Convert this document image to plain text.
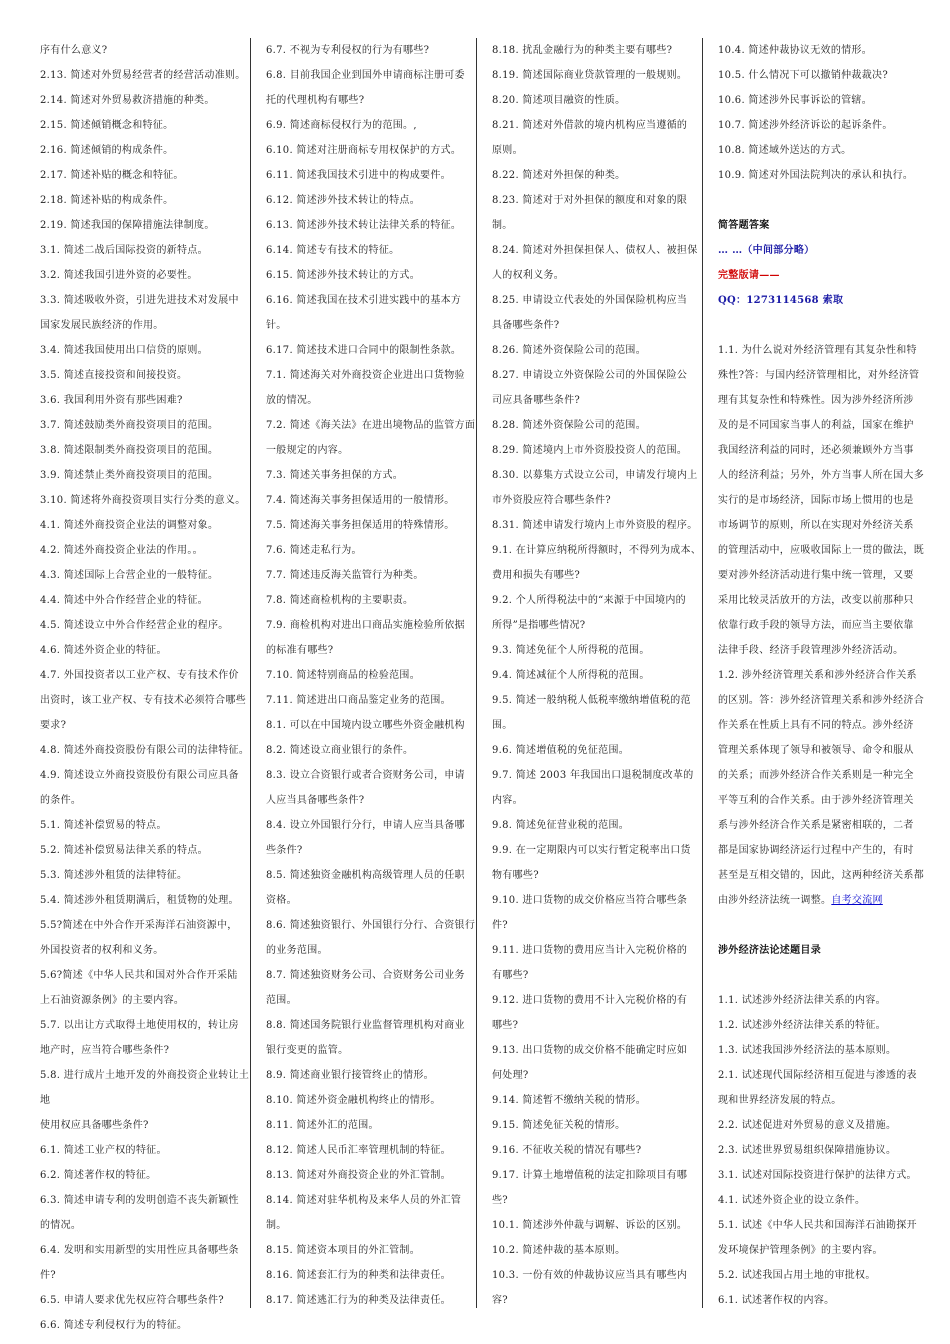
序有什么意义?

2.13. 简述对外贸易经营者的经营活动准则。

2.14. 简述对外贸易救济措施的种类。

2.15. 简述倾销概念和特征。

2.16. 简述倾销的构成条件。

2.17. 简述补贴的概念和特征。

2.18. 简述补贴的构成条件。

2.19. 简述我国的保障措施法律制度。

3.1. 简述二战后国际投资的新特点。

3.2. 简述我国引进外资的必要性。

3.3. 简述吸收外资，引进先进技术对发展中

国家发展民族经济的作用。

3.4. 简述我国使用出口信贷的原则。

3.5. 简述直接投资和间接投资。

3.6. 我国利用外资有那些困难?

3.7. 简述鼓励类外商投资项目的范围。

3.8. 简述限制类外商投资项目的范围。

3.9. 简述禁止类外商投资项目的范围。

3.10. 简述将外商投资项目实行分类的意义。

4.1. 简述外商投资企业法的调整对象。

4.2. 简述外商投资企业法的作用。。

4.3. 简述国际上合营企业的一般特征。

4.4. 简述中外合作经营企业的特征。

4.5. 简述设立中外合作经营企业的程序。

4.6. 简述外资企业的特征。

4.7. 外国投资者以工业产权、专有技术作价

出资时，该工业产权、专有技术必须符合哪些

要求?

4.8. 简述外商投资股份有限公司的法律特征。

4.9. 简述设立外商投资股份有限公司应具备

的条件。

5.1. 简述补偿贸易的特点。

5.2. 简述补偿贸易法律关系的特点。

5.3. 简述涉外租赁的法律特征。

5.4. 简述涉外租赁期满后，租赁物的处理。

5.5?简述在中外合作开采海洋石油资源中，

外国投资者的权利和义务。

5.6?简述《中华人民共和国对外合作开采陆

上石油资源条例》的主要内容。

5.7. 以出让方式取得土地使用权的，转让房

地产时，应当符合哪些条件?

5.8. 进行成片土地开发的外商投资企业转让土地

使用权应具备哪些条件?

6.1. 简述工业产权的特征。

6.2. 简述著作权的特征。

6.3. 简述申请专利的发明创造不丧失新颖性

的情况。

6.4. 发明和实用新型的实用性应具备哪些条

件?

6.5. 申请人要求优先权应符合哪些条件?

6.6. 简述专利侵权行为的特征。

6.7. 不视为专利侵权的行为有哪些?

6.8. 目前我国企业到国外申请商标注册可委

托的代理机构有哪些?

6.9. 简述商标侵权行为的范围。,

6.10. 简述对注册商标专用权保护的方式。

6.11. 简述我国技术引进中的构成要件。

6.12. 简述涉外技术转让的特点。

6.13. 简述涉外技术转让法律关系的特征。

6.14. 简述专有技术的特征。

6.15. 简述涉外技术转让的方式。

6.16. 简述我国在技术引进实践中的基本方

针。

6.17. 简述技术进口合同中的限制性条款。

7.1. 简述海关对外商投资企业进出口货物验

放的情况。

7.2. 简述《海关法》在进出境物品的监管方面

一般规定的内容。

7.3. 简述关事务担保的方式。

7.4. 简述海关事务担保适用的一般情形。

7.5. 简述海关事务担保适用的特殊情形。

7.6. 简述走私行为。

7.7. 简述违反海关监管行为种类。

7.8. 简述商检机构的主要职责。

7.9. 商检机构对进出口商品实施检验所依据

的标准有哪些?

7.10. 简述特别商品的检验范围。

7.11. 简述进出口商品鉴定业务的范围。

8.1. 可以在中国境内设立哪些外资金融机构

8.2. 简述设立商业银行的条件。

8.3. 设立合资银行或者合资财务公司，申请

人应当具备哪些条件?

8.4. 设立外国银行分行，申请人应当具备哪

些条件?

8.5. 简述独资金融机构高级管理人员的任职

资格。

8.6. 简述独资银行、外国银行分行、合资银行

的业务范围。

8.7. 简述独资财务公司、合资财务公司业务

范围。

8.8. 简述国务院银行业监督管理机构对商业

银行变更的监管。

8.9. 简述商业银行接管终止的情形。

8.10. 简述外资金融机构终止的情形。

8.11. 简述外汇的范围。

8.12. 简述人民币汇率管理机制的特征。

8.13. 简述对外商投资企业的外汇管制。

8.14. 简述对驻华机构及来华人员的外汇管

制。

8.15. 简述资本项目的外汇管制。

8.16. 简述套汇行为的种类和法律责任。

8.17. 简述逃汇行为的种类及法律责任。

8.18. 扰乱金融行为的种类主要有哪些?

8.19. 简述国际商业贷款管理的一般规则。

8.20. 简述项目融资的性质。

8.21. 简述对外借款的境内机构应当遵循的

原则。

8.22. 简述对外担保的种类。

8.23. 简述对于对外担保的额度和对象的限

制。

8.24. 简述对外担保担保人、债权人、被担保

人的权利义务。

8.25. 申请设立代表处的外国保险机构应当

具备哪些条件?

8.26. 简述外资保险公司的范围。

8.27. 申请设立外资保险公司的外国保险公

司应具备哪些条件?

8.28. 简述外资保险公司的范围。

8.29. 简述境内上市外资股投资人的范围。

8.30. 以募集方式设立公司，申请发行境内上

市外资股应符合哪些条件?

8.31. 简述申请发行境内上市外资股的程序。

9.1. 在计算应纳税所得额时，不得列为成本、

费用和损失有哪些?

9.2. 个人所得税法中的“来源于中国境内的

所得”是指哪些情况?

9.3. 简述免征个人所得税的范围。

9.4. 简述减征个人所得税的范围。

9.5. 简述一般纳税人低税率缴纳增值税的范

围。

9.6. 简述增值税的免征范围。

9.7. 简述 2003 年我国出口退税制度改革的

内容。

9.8. 简述免征营业税的范围。

9.9. 在一定期限内可以实行暂定税率出口货

物有哪些?

9.10. 进口货物的成交价格应当符合哪些条

件?

9.11. 进口货物的费用应当计入完税价格的

有哪些?

9.12. 进口货物的费用不计入完税价格的有

哪些?

9.13. 出口货物的成交价格不能确定时应如

何处理?

9.14. 简述暂不缴纳关税的情形。

9.15. 简述免征关税的情形。

9.16. 不征收关税的情况有哪些?

9.17. 计算土地增值税的法定扣除项目有哪

些?

10.1. 简述涉外仲裁与调解、诉讼的区别。

10.2. 简述仲裁的基本原则。

10.3. 一份有效的仲裁协议应当具有哪些内

容?

10.4. 简述仲裁协议无效的情形。

10.5. 什么情况下可以撤销仲裁裁决?

10.6. 简述涉外民事诉讼的管辖。

10.7. 简述涉外经济诉讼的起诉条件。

10.8. 简述域外送达的方式。

10.9. 简述对外国法院判决的承认和执行。

简答题答案

… …（中间部分略）

完整版请——

QQ：1273114568 索取

1.1. 为什么说对外经济管理有其复杂性和特

殊性?答：与国内经济管理相比，对外经济管

理有其复杂性和特殊性。因为涉外经济所涉

及的是不同国家当事人的利益，国家在维护

我国经济利益的同时，还必须兼顾外方当事

人的经济利益；另外，外方当事人所在国大多

实行的是市场经济，国际市场上惯用的也是

市场调节的原则，所以在实现对外经济关系

的管理活动中，应吸收国际上一贯的做法，既

要对涉外经济活动进行集中统一管理，又要

采用比较灵活放开的方法，改变以前那种只

依靠行政手段的领导方法，而应当主要依靠

法律手段、经济手段管理涉外经济活动。

1.2. 涉外经济管理关系和涉外经济合作关系

的区别。答：涉外经济管理关系和涉外经济合

作关系在性质上具有不同的特点。涉外经济

管理关系体现了领导和被领导、命令和服从

的关系；而涉外经济合作关系则是一种完全

平等互利的合作关系。由于涉外经济管理关

系与涉外经济合作关系是紧密相联的，二者

都是国家协调经济运行过程中产生的，有时

甚至是互相交错的，因此，这两种经济关系都

由涉外经济法统一调整。自考交流网

涉外经济法论述题目录

1.1. 试述涉外经济法律关系的内容。

1.2. 试述涉外经济法律关系的特征。

1.3. 试述我国涉外经济法的基本原则。

2.1. 试述现代国际经济相互促进与渗透的表

现和世界经济发展的特点。

2.2. 试述促进对外贸易的意义及措施。

2.3. 试述世界贸易组织保障措施协议。

3.1. 试述对国际投资进行保护的法律方式。

4.1. 试述外资企业的设立条件。

5.1. 试述《中华人民共和国海洋石油勘探开

发环境保护管理条例》的主要内容。

5.2. 试述我国占用土地的审批权。

6.1. 试述著作权的内容。
